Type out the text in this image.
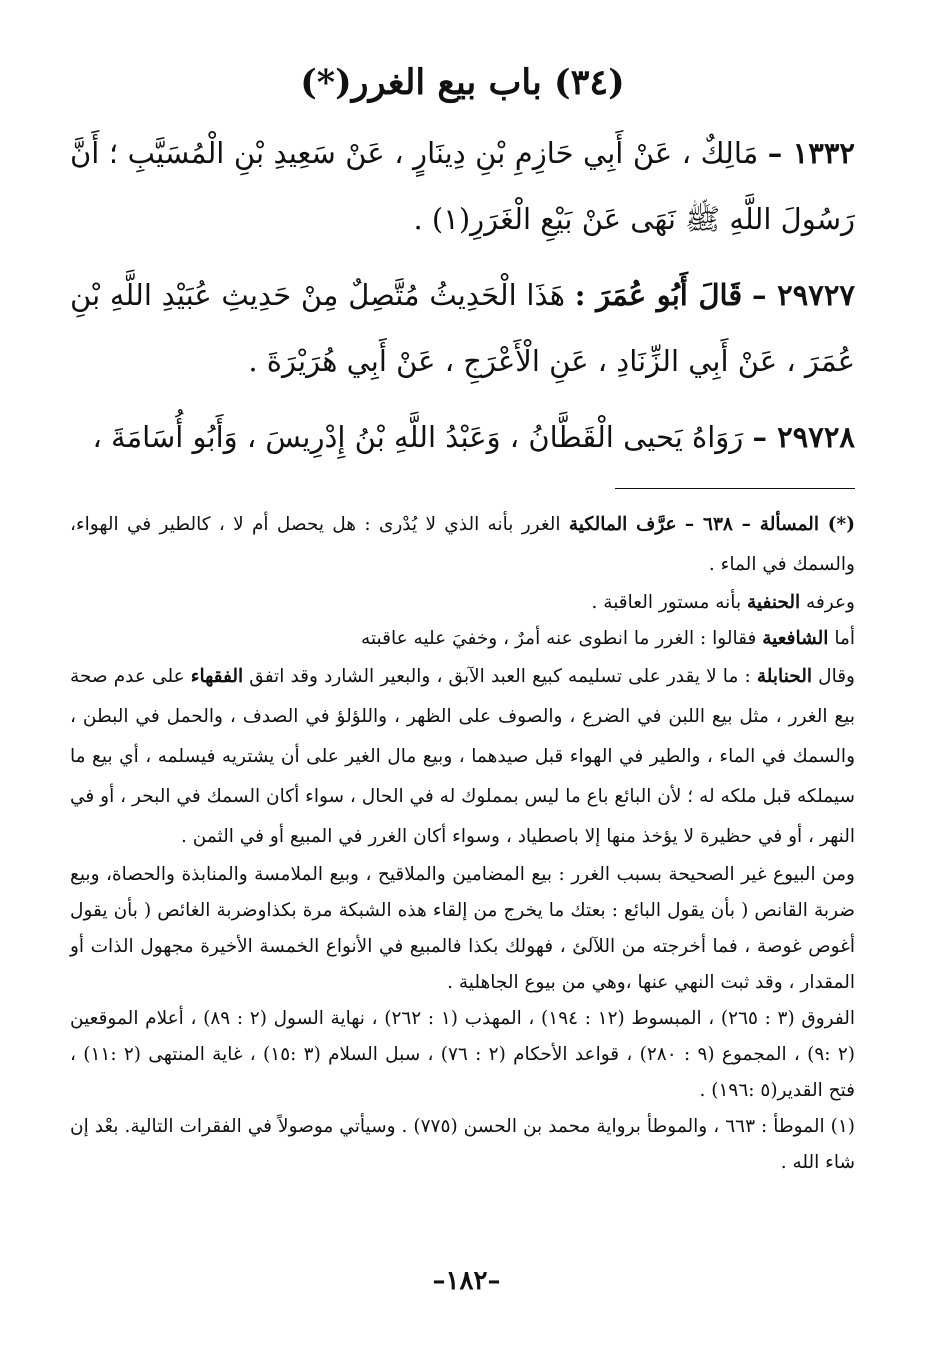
(٣٤) باب بيع الغرر(*)

١٣٣٢ – مَالِكٌ ، عَنْ أَبِي حَازِمِ بْنِ دِينَارٍ ، عَنْ سَعِيدِ بْنِ الْمُسَيَّبِ ؛ أَنَّ رَسُولَ اللَّهِ ﷺ نَهَى عَنْ بَيْعِ الْغَرَرِ(١) .

٢٩٧٢٧ – قَالَ أَبُو عُمَرَ : هَذَا الْحَدِيثُ مُتَّصِلٌ مِنْ حَدِيثِ عُبَيْدِ اللَّهِ بْنِ عُمَرَ ، عَنْ أَبِي الزِّنَادِ ، عَنِ الْأَعْرَجِ ، عَنْ أَبِي هُرَيْرَةَ .

٢٩٧٢٨ – رَوَاهُ يَحيى الْقَطَّانُ ، وَعَبْدُ اللَّهِ بْنُ إِدْرِيسَ ، وَأَبُو أُسَامَةَ ،

(*) المسألة – ٦٣٨ – عرَّف المالكية الغرر بأنه الذي لا يُدْرى : هل يحصل أم لا ، كالطير في الهواء، والسمك في الماء .

وعرفه الحنفية بأنه مستور العاقبة .

أما الشافعية فقالوا : الغرر ما انطوى عنه أمرٌ ، وخفيَ عليه عاقبته

وقال الحنابلة : ما لا يقدر على تسليمه كبيع العبد الآبق ، والبعير الشارد وقد اتفق الفقهاء على عدم صحة بيع الغرر ، مثل بيع اللبن في الضرع ، والصوف على الظهر ، واللؤلؤ في الصدف ، والحمل في البطن ، والسمك في الماء ، والطير في الهواء قبل صيدهما ، وبيع مال الغير على أن يشتريه فيسلمه ، أي بيع ما سيملكه قبل ملكه له ؛ لأن البائع باع ما ليس بمملوك له في الحال ، سواء أكان السمك في البحر ، أو في النهر ، أو في حظيرة لا يؤخذ منها إلا باصطياد ، وسواء أكان الغرر في المبيع أو في الثمن .

ومن البيوع غير الصحيحة بسبب الغرر : بيع المضامين والملاقيح ، وبيع الملامسة والمنابذة والحصاة، وبيع ضربة القانص ( بأن يقول البائع : بعتك ما يخرج من إلقاء هذه الشبكة مرة بكذاوضربة الغائص ( بأن يقول أغوص غوصة ، فما أخرجته من اللآلئ ، فهولك بكذا فالمبيع في الأنواع الخمسة الأخيرة مجهول الذات أو المقدار ، وقد ثبت النهي عنها ،وهي من بيوع الجاهلية .

الفروق (٣ : ٢٦٥) ، المبسوط (١٢ : ١٩٤) ، المهذب (١ : ٢٦٢) ، نهاية السول (٢ : ٨٩) ، أعلام الموقعين (٢ :٩) ، المجموع (٩ : ٢٨٠) ، قواعد الأحكام (٢ : ٧٦) ، سبل السلام (٣ :١٥) ، غاية المنتهى (٢ :١١) ، فتح القدير(٥ :١٩٦) .

(١) الموطأ : ٦٦٣ ، والموطأ برواية محمد بن الحسن (٧٧٥) . وسيأتي موصولاً في الفقرات التالية. بعْد إن شاء الله .

–١٨٢–
